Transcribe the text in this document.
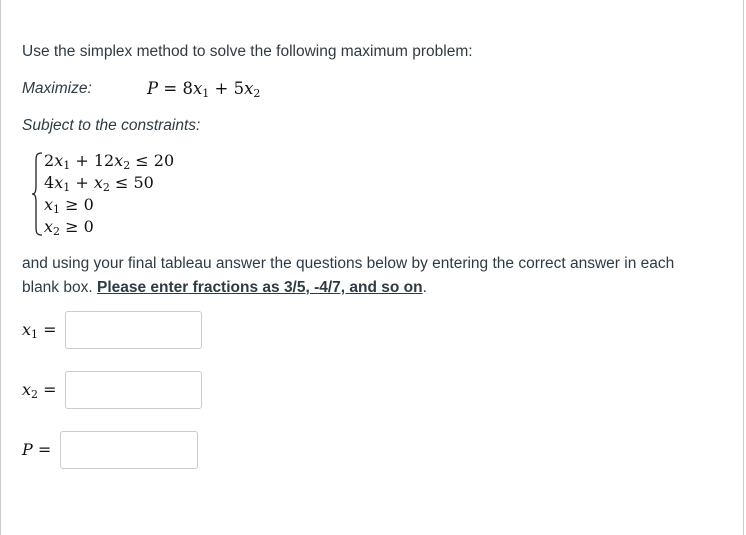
Use the simplex method to solve the following maximum problem:
Maximize:	$P = 8x_1 + 5x_2$
Subject to the constraints:
$2x_1 + 12x_2 \le 20$
$4x_1 + x_2 \le 50$
$x_1 \ge 0$
$x_2 \ge 0$
and using your final tableau answer the questions below by entering the correct answer in each blank box. Please enter fractions as 3/5, -4/7, and so on.
$x_1$ =
$x_2$ =
P =
